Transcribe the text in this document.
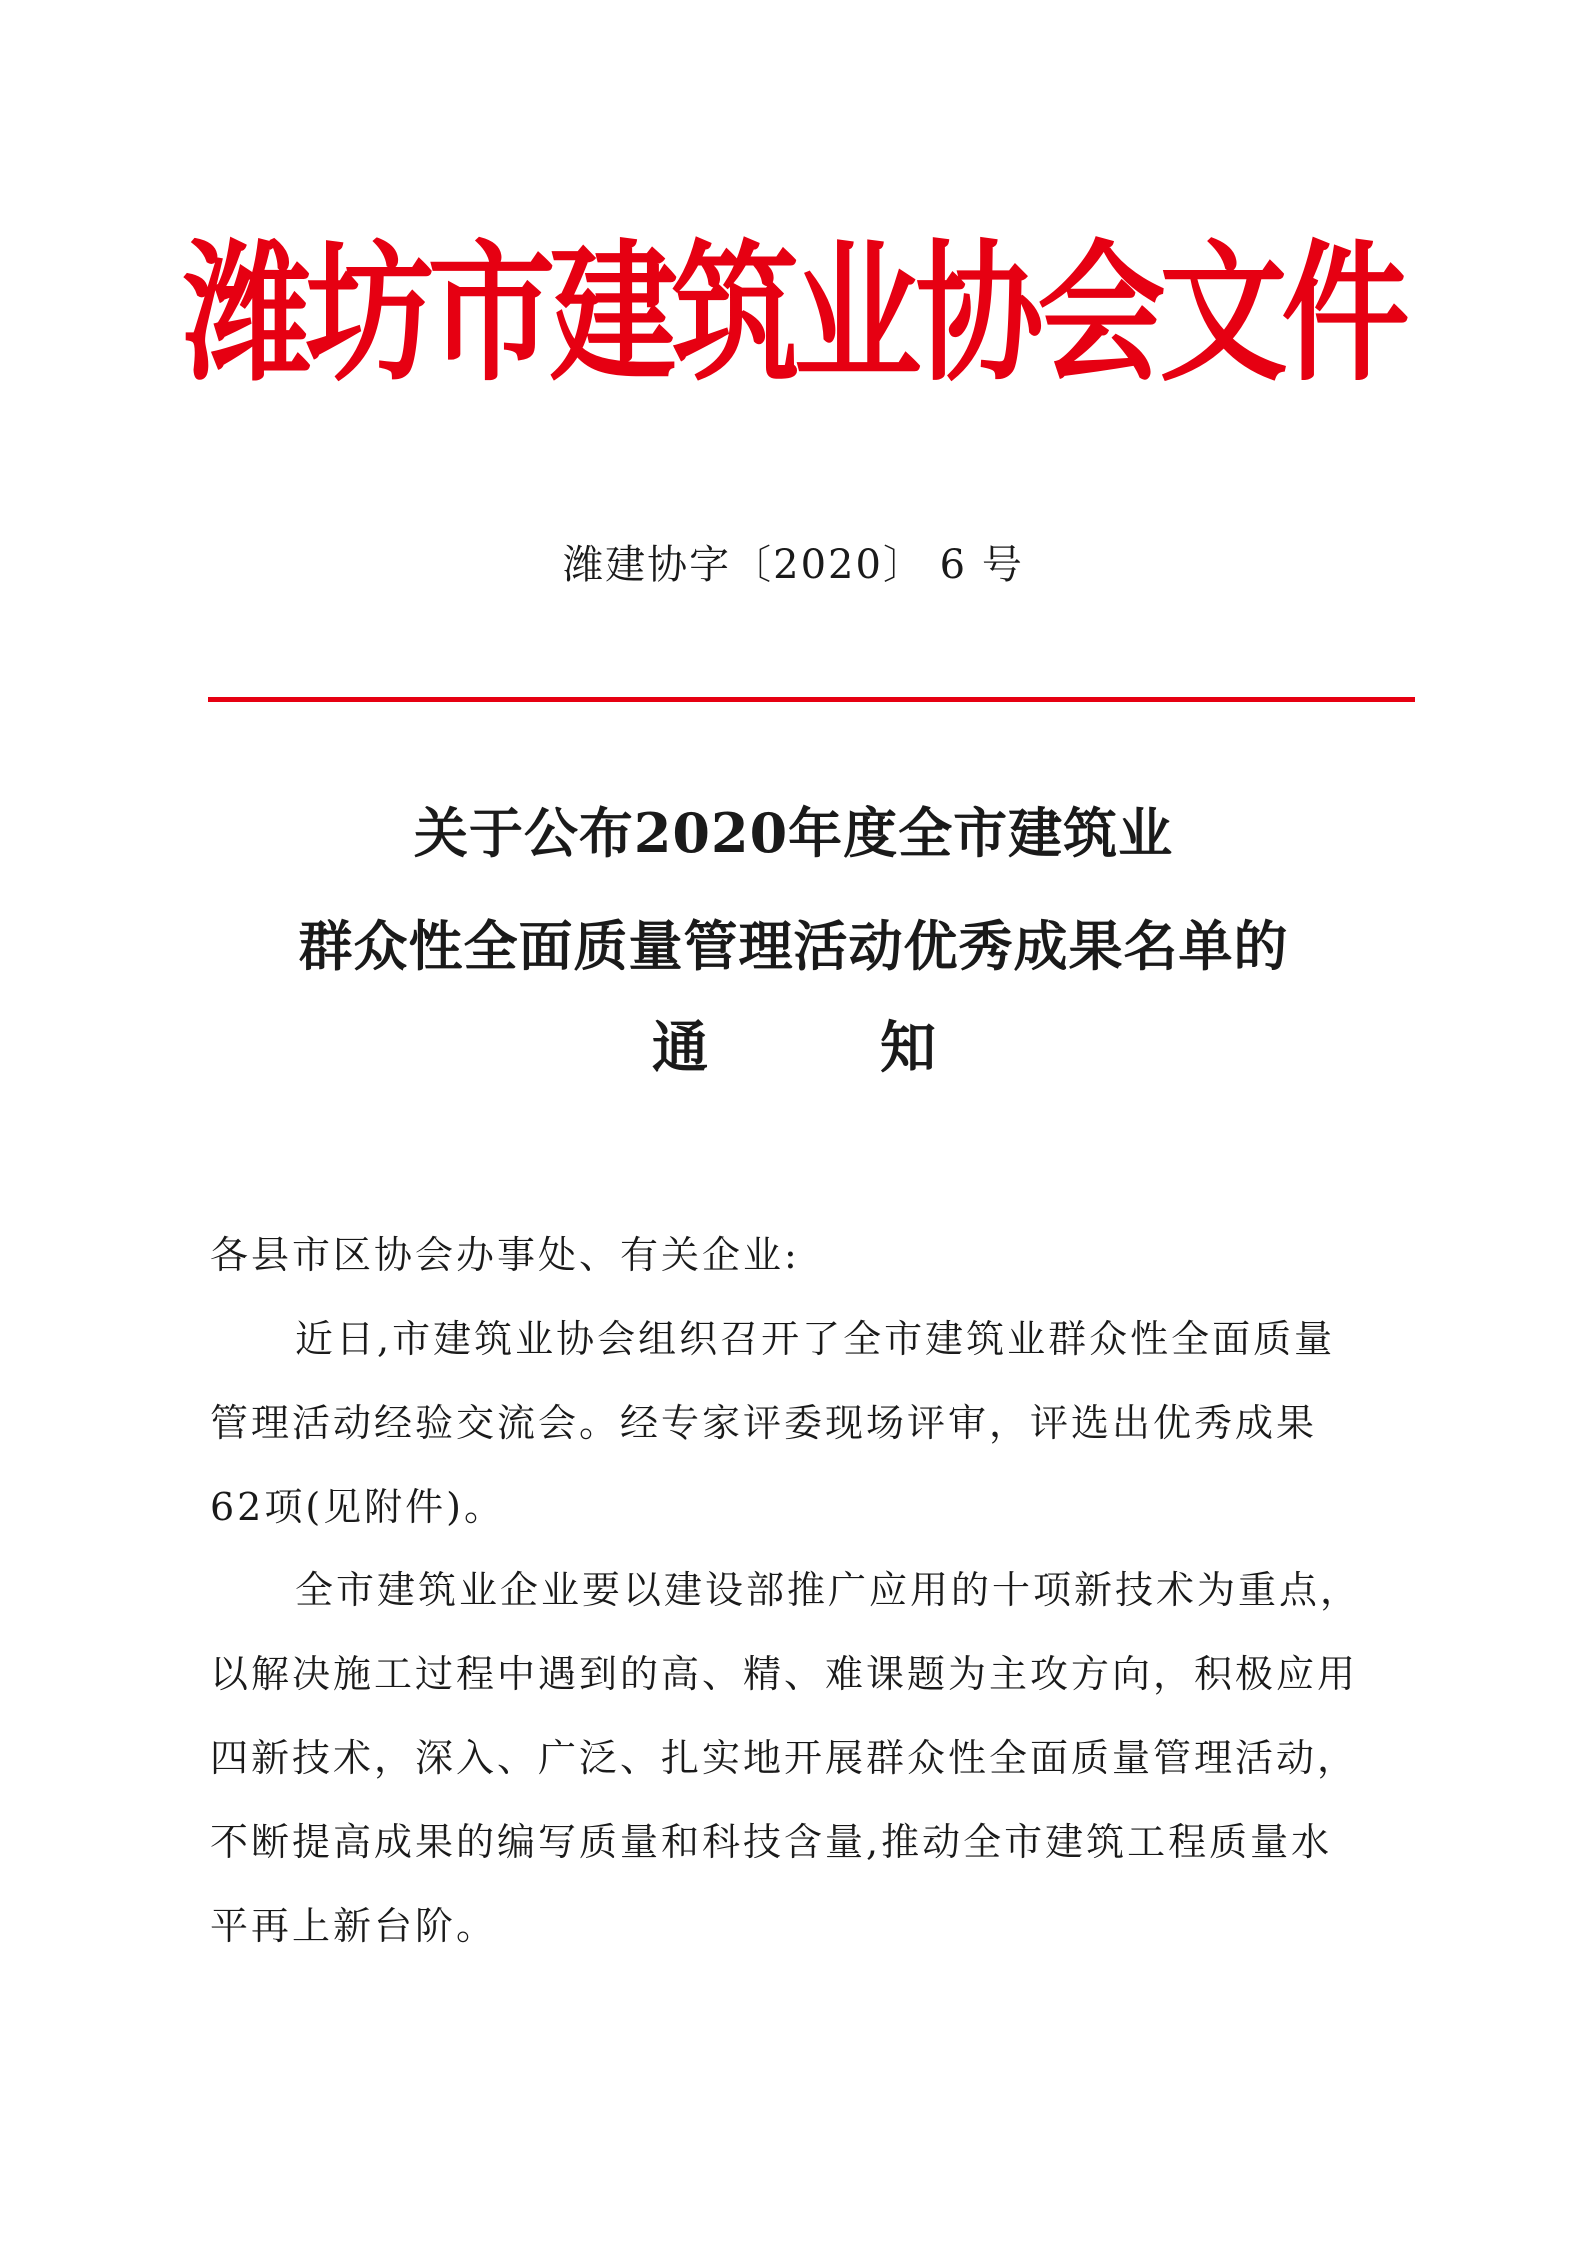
潍坊市建筑业协会文件
潍建协字〔2020〕 6 号
关于公布2020年度全市建筑业
群众性全面质量管理活动优秀成果名单的
通	知
各县市区协会办事处、有关企业:
近日,市建筑业协会组织召开了全市建筑业群众性全面质量
管理活动经验交流会。经专家评委现场评审，评选出优秀成果
62项(见附件)。
全市建筑业企业要以建设部推广应用的十项新技术为重点，
以解决施工过程中遇到的高、精、难课题为主攻方向，积极应用
四新技术，深入、广泛、扎实地开展群众性全面质量管理活动，
不断提高成果的编写质量和科技含量,推动全市建筑工程质量水
平再上新台阶。
